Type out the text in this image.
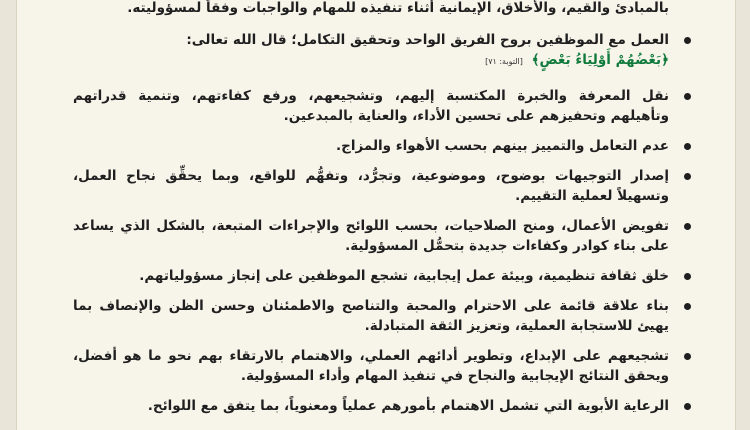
بالمبادئ والقيم، والأخلاق، الإيمانية أثناء تنفيذه للمهام والواجبات وفقاً لمسؤوليته.

العمل مع الموظفين بروح الفريق الواحد وتحقيق التكامل؛ قال الله تعالى:

﴿بَعْضُهُمْ أَوْلِيَاءُ بَعْضٍ﴾ [التوبة: ٧١]

نقل المعرفة والخبرة المكتسبة إليهم، وتشجيعهم، ورفع كفاءتهم، وتنمية قدراتهم وتأهيلهم وتحفيزهم على تحسين الأداء، والعناية بالمبدعين.

عدم التعامل والتمييز بينهم بحسب الأهواء والمزاج.

إصدار التوجيهات بوضوح، وموضوعية، وتجرُّد، وتفهُّم للواقع، وبما يحقِّق نجاح العمل، وتسهيلاً لعملية التقييم.

تفويض الأعمال، ومنح الصلاحيات، بحسب اللوائح والإجراءات المتبعة، بالشكل الذي يساعد على بناء كوادر وكفاءات جديدة بتحمُّل المسؤولية.

خلق ثقافة تنظيمية، وبيئة عمل إيجابية، تشجع الموظفين على إنجاز مسؤولياتهم.

بناء علاقة قائمة على الاحترام والمحبة والتناصح والاطمئنان وحسن الظن والإنصاف بما يهيئ للاستجابة العملية، وتعزيز الثقة المتبادلة.

تشجيعهم على الإبداع، وتطوير أدائهم العملي، والاهتمام بالارتقاء بهم نحو ما هو أفضل، ويحقق النتائج الإيجابية والنجاح في تنفيذ المهام وأداء المسؤولية.

الرعاية الأبوية التي تشمل الاهتمام بأمورهم عملياً ومعنوياً، بما يتفق مع اللوائح.
